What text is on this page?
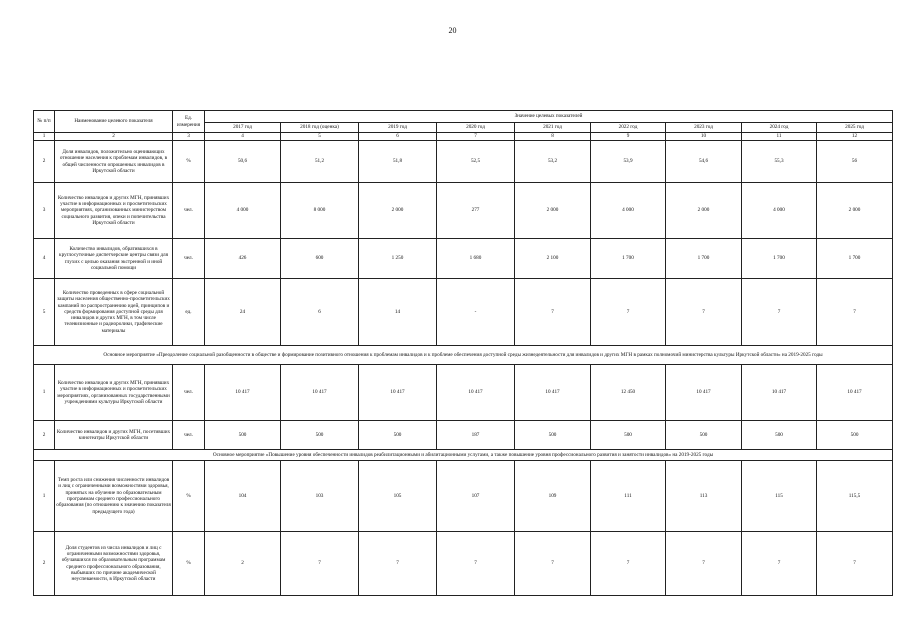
20
№ п/п	Наименование целевого показателя	Ед. измерения	Значение целевых показателей								
			2017 год	2018 год (оценка)	2019 год	2020 год	2021 год	2022 год	2023 год	2024 год	2025 год
1	2	3	4	5	6	7	8	9	10	11	12
2	Доля инвалидов, положительно оценивающих отношение населения к проблемам инвалидов, в общей численности опрошенных инвалидов в Иркутской области	%	50,6	51,2	51,8	52,5	53,2	53,9	54,6	55,3	56
3	Количество инвалидов и других МГН, принявших участие в информационных и просветительских мероприятиях, организованных министерством социального развития, опеки и попечительства Иркутской области	чел.	4 000	8 000	2 000	277	2 000	4 000	2 000	4 000	2 000
4	Количество инвалидов, обратившихся в круглосуточные диспетчерские центры связи для глухих с целью оказания экстренной и иной социальной помощи	чел.	426	600	1 250	1 680	2 100	1 700	1 700	1 700	1 700
5	Количество проведенных в сфере социальной защиты населения общественно-просветительских кампаний по распространению идей, принципов и средств формирования доступной среды для инвалидов и других МГН, в том числе телевизионные и радиоролики, графические материалы	ед.	24	6	14	-	7	7	7	7	7
Основное мероприятие «Преодоление социальной разобщенности в обществе и формирование позитивного отношения к проблемам инвалидов и к проблеме обеспечения доступной среды жизнедеятельности для инвалидов и других МГН в рамках полномочий министерства культуры Иркутской области» на 2019-2025 годы											
1	Количество инвалидов и других МГН, принявших участие в информационных и просветительских мероприятиях, организованных государственными учреждениями культуры Иркутской области	чел.	10 417	10 417	10 417	10 417	10 417	12 450	10 417	10 417	10 417
2	Количество инвалидов и других МГН, посетивших кинотеатры Иркутской области	чел.	500	500	500	187	500	500	500	500	500
Основное мероприятие «Повышение уровня обеспеченности инвалидов реабилитационными и абилитационными услугами, а также повышение уровня профессионального развития и занятости инвалидов» на 2019-2025 годы											
1	Темп роста или снижения численности инвалидов и лиц с ограниченными возможностями здоровья, принятых на обучение по образовательным программам среднего профессионального образования (по отношению к значению показателя предыдущего года)	%	104	103	105	107	109	111	113	115	115,5
2	Доля студентов из числа инвалидов и лиц с ограниченными возможностями здоровья, обучавшихся по образовательным программам среднего профессионального образования, выбывших по причине академической неуспеваемости, в Иркутской области	%	2	7	7	7	7	7	7	7	7
